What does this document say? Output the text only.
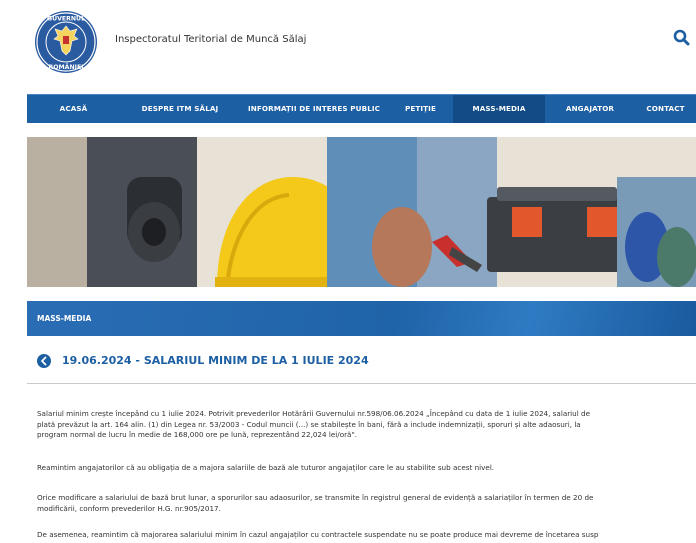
GUVERNUL
ROMÂNIEI
Inspectoratul Teritorial de Muncă Sălaj
ACASĂ	DESPRE ITM SĂLAJ	INFORMAȚII DE INTERES PUBLIC	PETIȚIE	MASS-MEDIA	ANGAJATOR	CONTACT
MASS-MEDIA
19.06.2024 - SALARIUL MINIM DE LA 1 IULIE 2024
Salariul minim crește începând cu 1 iulie 2024. Potrivit prevederilor Hotărârii Guvernului nr.598/06.06.2024 „Începând cu data de 1 iulie 2024, salariul de
plată prevăzut la art. 164 alin. (1) din Legea nr. 53/2003 - Codul muncii (...) se stabilește în bani, fără a include indemnizații, sporuri și alte adaosuri, la
program normal de lucru în medie de 168,000 ore pe lună, reprezentând 22,024 lei/oră".
Reamintim angajatorilor că au obligația de a majora salariile de bază ale tuturor angajaților care le au stabilite sub acest nivel.
Orice modificare a salariului de bază brut lunar, a sporurilor sau adaosurilor, se transmite în registrul general de evidență a salariaților în termen de 20 de
modificării, conform prevederilor H.G. nr.905/2017.
De asemenea, reamintim că majorarea salariului minim în cazul angajaților cu contractele suspendate nu se poate produce mai devreme de încetarea susp
